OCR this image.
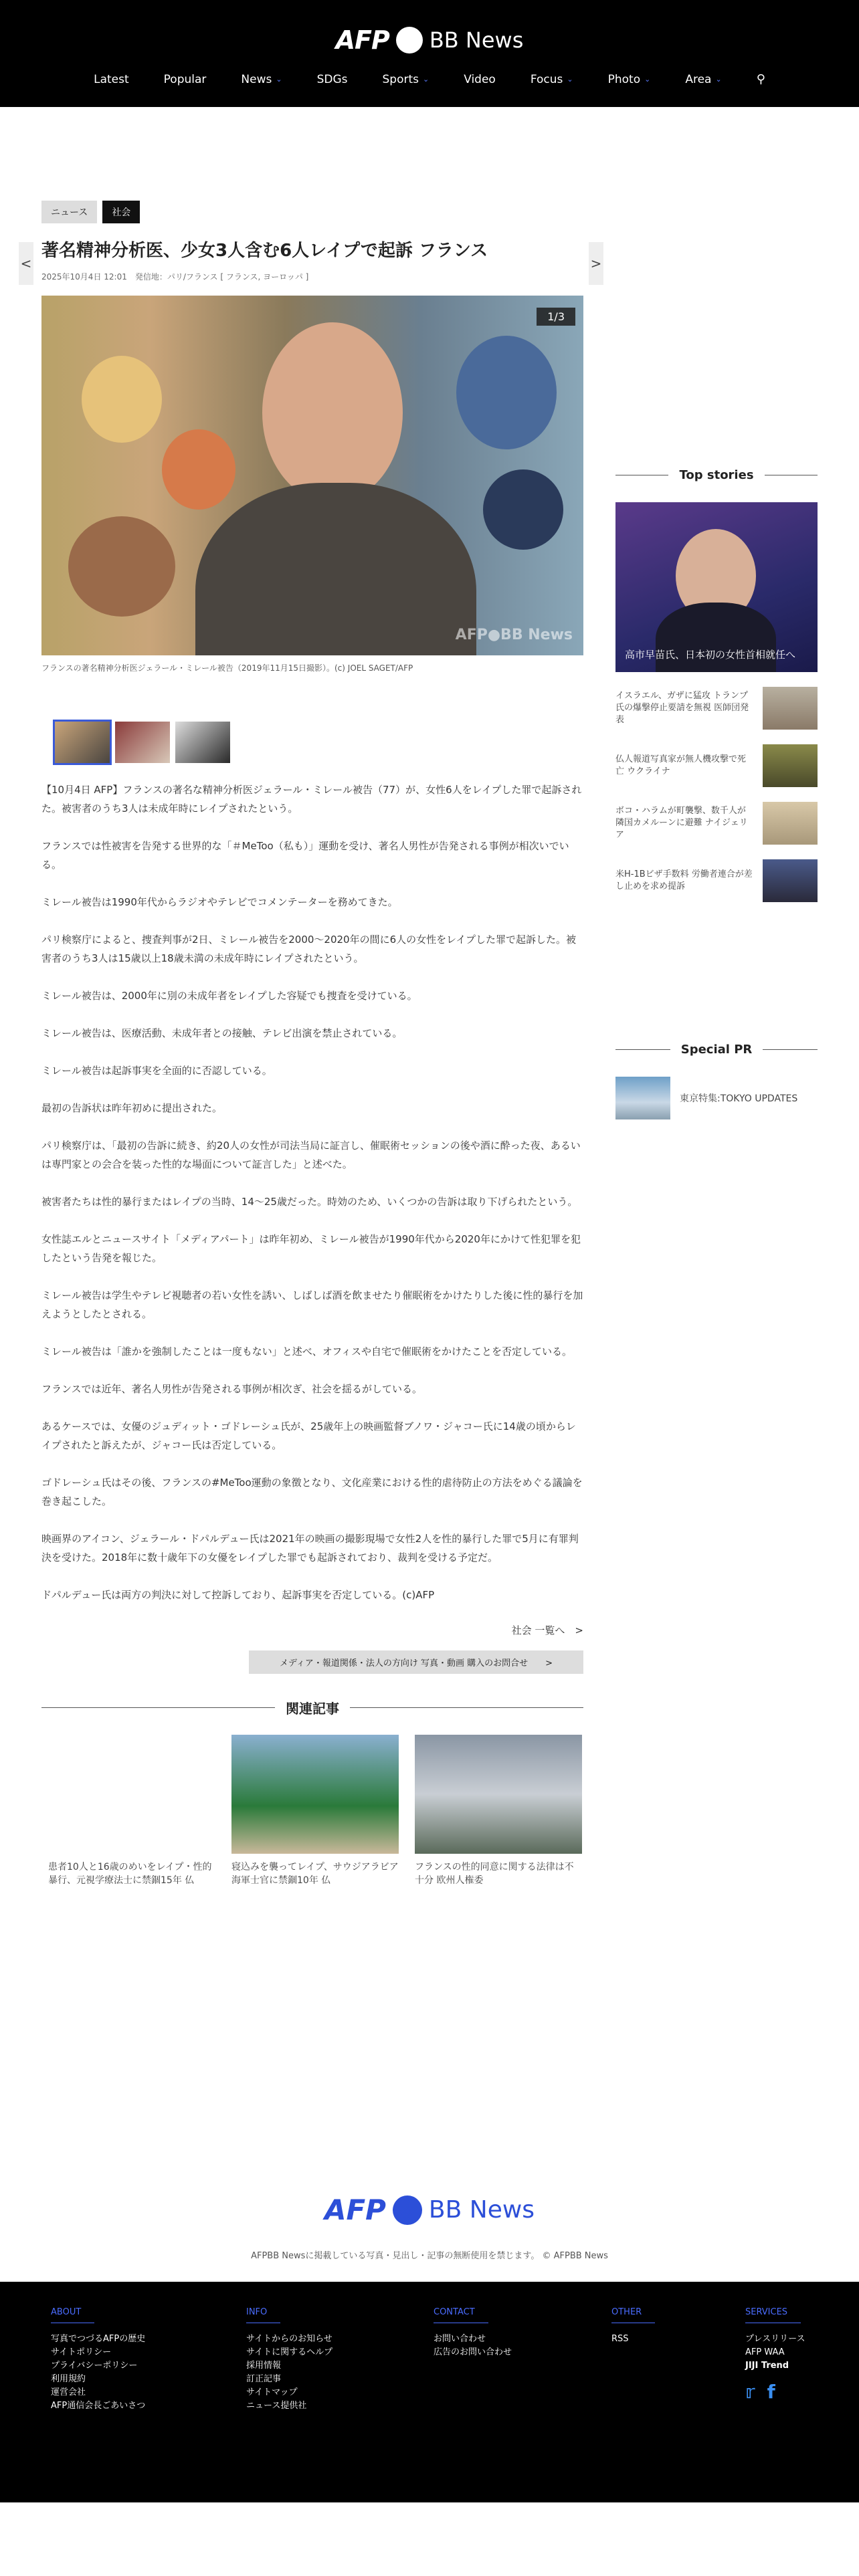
AFP BB News
Latest	Popular	News ⌄	SDGs	Sports ⌄	Video	Focus ⌄	Photo ⌄	Area ⌄	⚲
<	>
ニュース	社会
著名精神分析医、少女3人含む6人レイプで起訴 フランス
2025年10月4日 12:01　発信地：パリ/フランス [ フランス, ヨーロッパ ]
1/3
AFP●BB News
フランスの著名精神分析医ジェラール・ミレール被告（2019年11月15日撮影）。(c) JOEL SAGET/AFP

【10月4日 AFP】フランスの著名な精神分析医ジェラール・ミレール被告（77）が、女性6人をレイプした罪で起訴された。被害者のうち3人は未成年時にレイプされたという。

フランスでは性被害を告発する世界的な「＃MeToo（私も）」運動を受け、著名人男性が告発される事例が相次いでいる。

ミレール被告は1990年代からラジオやテレビでコメンテーターを務めてきた。

パリ検察庁によると、捜査判事が2日、ミレール被告を2000～2020年の間に6人の女性をレイプした罪で起訴した。被害者のうち3人は15歳以上18歳未満の未成年時にレイプされたという。

ミレール被告は、2000年に別の未成年者をレイプした容疑でも捜査を受けている。

ミレール被告は、医療活動、未成年者との接触、テレビ出演を禁止されている。

ミレール被告は起訴事実を全面的に否認している。

最初の告訴状は昨年初めに提出された。

パリ検察庁は、「最初の告訴に続き、約20人の女性が司法当局に証言し、催眠術セッションの後や酒に酔った夜、あるいは専門家との会合を装った性的な場面について証言した」と述べた。

被害者たちは性的暴行またはレイプの当時、14～25歳だった。時効のため、いくつかの告訴は取り下げられたという。

女性誌エルとニュースサイト「メディアパート」は昨年初め、ミレール被告が1990年代から2020年にかけて性犯罪を犯したという告発を報じた。

ミレール被告は学生やテレビ視聴者の若い女性を誘い、しばしば酒を飲ませたり催眠術をかけたりした後に性的暴行を加えようとしたとされる。

ミレール被告は「誰かを強制したことは一度もない」と述べ、オフィスや自宅で催眠術をかけたことを否定している。

フランスでは近年、著名人男性が告発される事例が相次ぎ、社会を揺るがしている。

あるケースでは、女優のジュディット・ゴドレーシュ氏が、25歳年上の映画監督ブノワ・ジャコー氏に14歳の頃からレイプされたと訴えたが、ジャコー氏は否定している。

ゴドレーシュ氏はその後、フランスの#MeToo運動の象徴となり、文化産業における性的虐待防止の方法をめぐる議論を巻き起こした。

映画界のアイコン、ジェラール・ドパルデュー氏は2021年の映画の撮影現場で女性2人を性的暴行した罪で5月に有罪判決を受けた。2018年に数十歳年下の女優をレイプした罪でも起訴されており、裁判を受ける予定だ。

ドパルデュー氏は両方の判決に対して控訴しており、起訴事実を否定している。(c)AFP

社会 一覧へ　>
メディア・報道関係・法人の方向け 写真・動画 購入のお問合せ　　>
関連記事
患者10人と16歳のめいをレイプ・性的暴行、元視学療法士に禁錮15年 仏
寝込みを襲ってレイプ、サウジアラビア海軍士官に禁錮10年 仏
フランスの性的同意に関する法律は不十分 欧州人権委
Top stories
高市早苗氏、日本初の女性首相就任へ
イスラエル、ガザに猛攻 トランプ氏の爆撃停止要請を無視 医師団発表
仏人報道写真家が無人機攻撃で死亡 ウクライナ
ボコ・ハラムが町襲撃、数千人が隣国カメルーンに避難 ナイジェリア
米H-1Bビザ手数料 労働者連合が差し止めを求め提訴
Special PR
東京特集:TOKYO UPDATES
AFP BB News
AFPBB Newsに掲載している写真・見出し・記事の無断使用を禁じます。 © AFPBB News
ABOUT
写真でつづるAFPの歴史
サイトポリシー
プライバシーポリシー
利用規約
運営会社
AFP通信会長ごあいさつ
INFO
サイトからのお知らせ
サイトに関するヘルプ
採用情報
訂正記事
サイトマップ
ニュース提供社
CONTACT
お問い合わせ
広告のお問い合わせ
OTHER
RSS
SERVICES
プレスリリース
AFP WAA
JIJI Trend
𝕣 f
